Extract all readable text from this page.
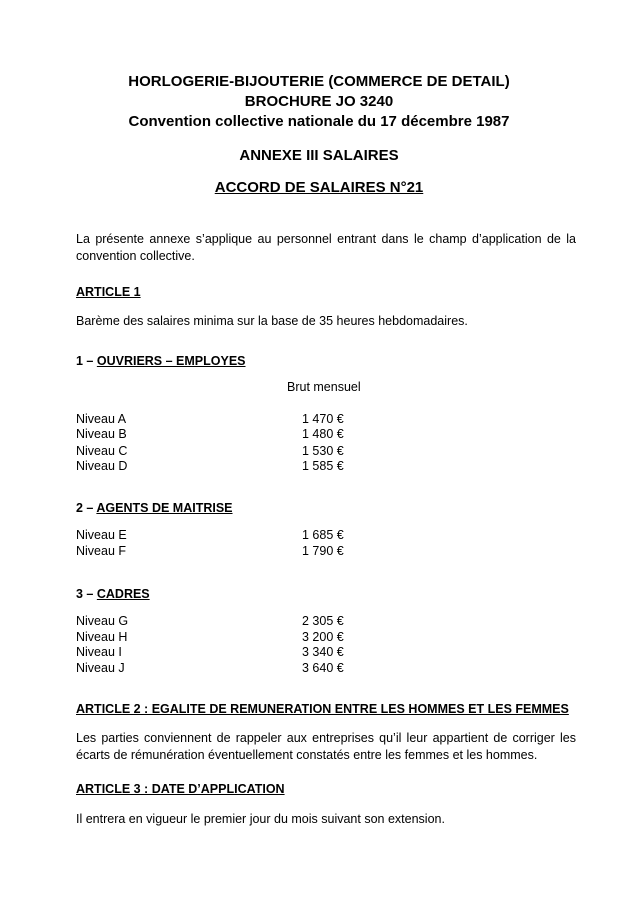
HORLOGERIE-BIJOUTERIE (COMMERCE DE DETAIL)
BROCHURE JO 3240
Convention collective nationale du 17 décembre 1987
ANNEXE III SALAIRES
ACCORD DE SALAIRES N°21
La présente annexe s’applique au personnel entrant dans le champ d’application de la convention collective.
ARTICLE 1
Barème des salaires minima sur la base de 35 heures hebdomadaires.
1 – OUVRIERS – EMPLOYES
Brut mensuel
Niveau A	1 470 €
Niveau B	1 480 €
Niveau C	1 530 €
Niveau D	1 585 €
2 – AGENTS DE MAITRISE
Niveau E	1 685 €
Niveau F	1 790 €
3 – CADRES
Niveau G	2 305 €
Niveau H	3 200 €
Niveau I	3 340 €
Niveau J	3 640 €
ARTICLE 2 : EGALITE DE REMUNERATION ENTRE LES HOMMES ET LES FEMMES
Les parties conviennent de rappeler aux entreprises qu’il leur appartient de corriger les écarts de rémunération éventuellement constatés entre les femmes et les hommes.
ARTICLE 3 : DATE D’APPLICATION
Il entrera en vigueur le premier jour du mois suivant son extension.
